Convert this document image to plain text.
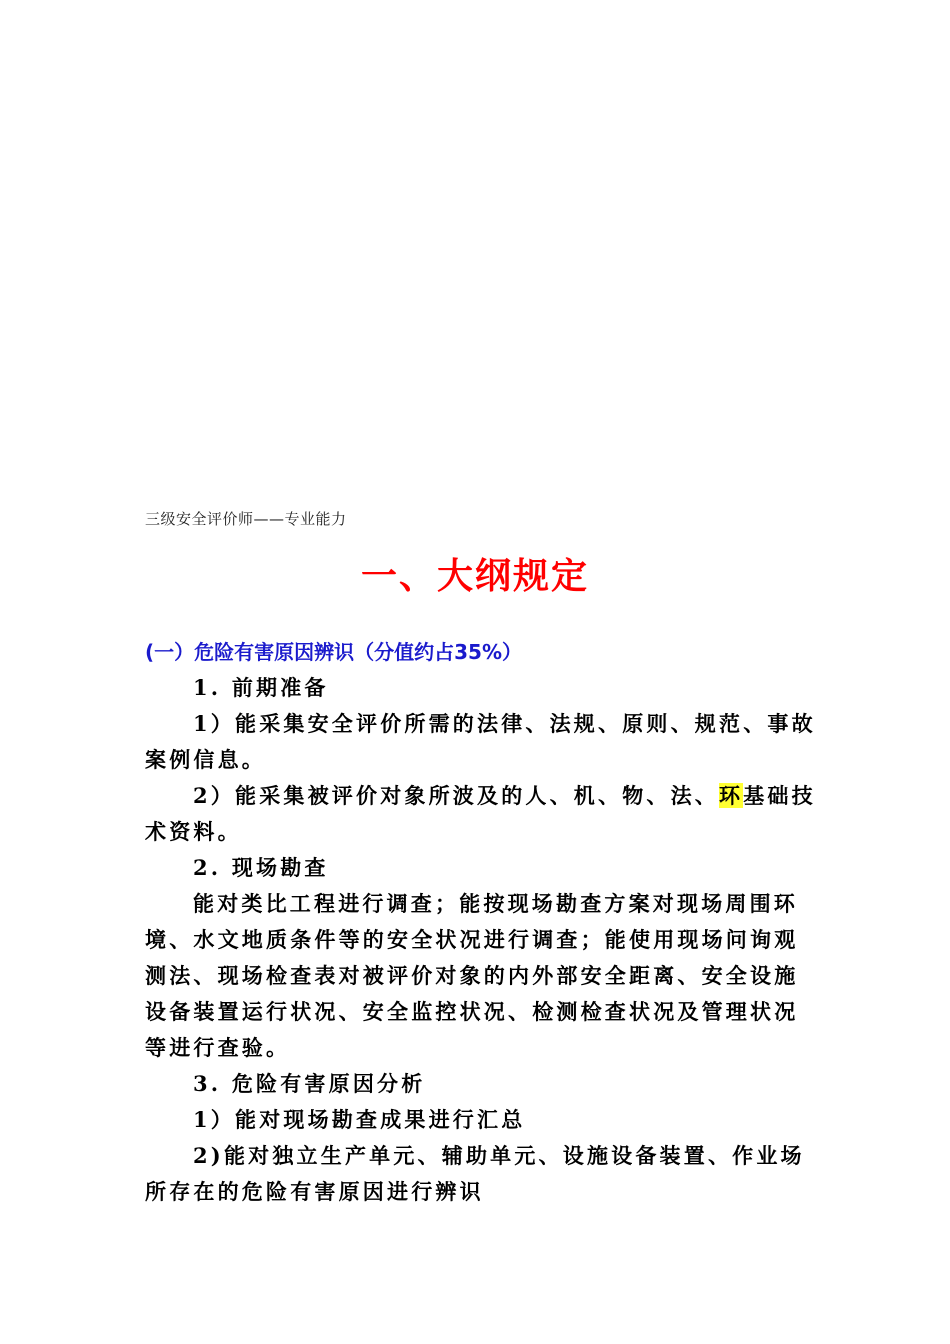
三级安全评价师——专业能力
一、大纲规定
(一）危险有害原因辨识（分值约占35%）
1. 前期准备
1）能采集安全评价所需的法律、法规、原则、规范、事故
案例信息。
2）能采集被评价对象所波及的人、机、物、法、环基础技
术资料。
2. 现场勘查
能对类比工程进行调查；能按现场勘查方案对现场周围环
境、水文地质条件等的安全状况进行调查；能使用现场问询观
测法、现场检查表对被评价对象的内外部安全距离、安全设施
设备装置运行状况、安全监控状况、检测检查状况及管理状况
等进行查验。
3. 危险有害原因分析
1）能对现场勘查成果进行汇总
2)能对独立生产单元、辅助单元、设施设备装置、作业场
所存在的危险有害原因进行辨识
